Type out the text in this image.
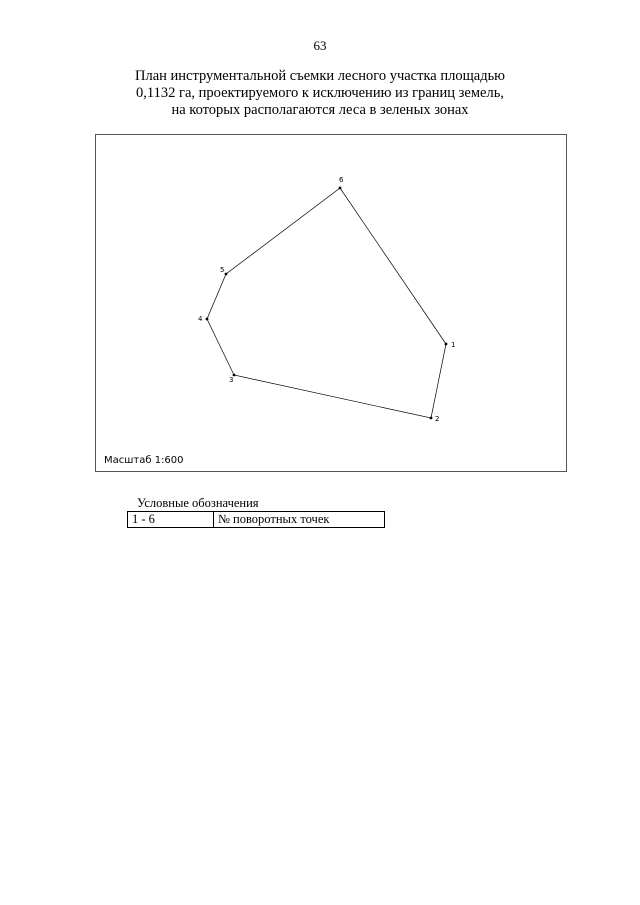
63
План инструментальной съемки лесного участка площадью
0,1132 га, проектируемого к исключению из границ земель,
на которых располагаются леса в зеленых зонах
1
2
3
4
5
6
Масштаб 1:600
Условные обозначения
1 - 6	№ поворотных точек
